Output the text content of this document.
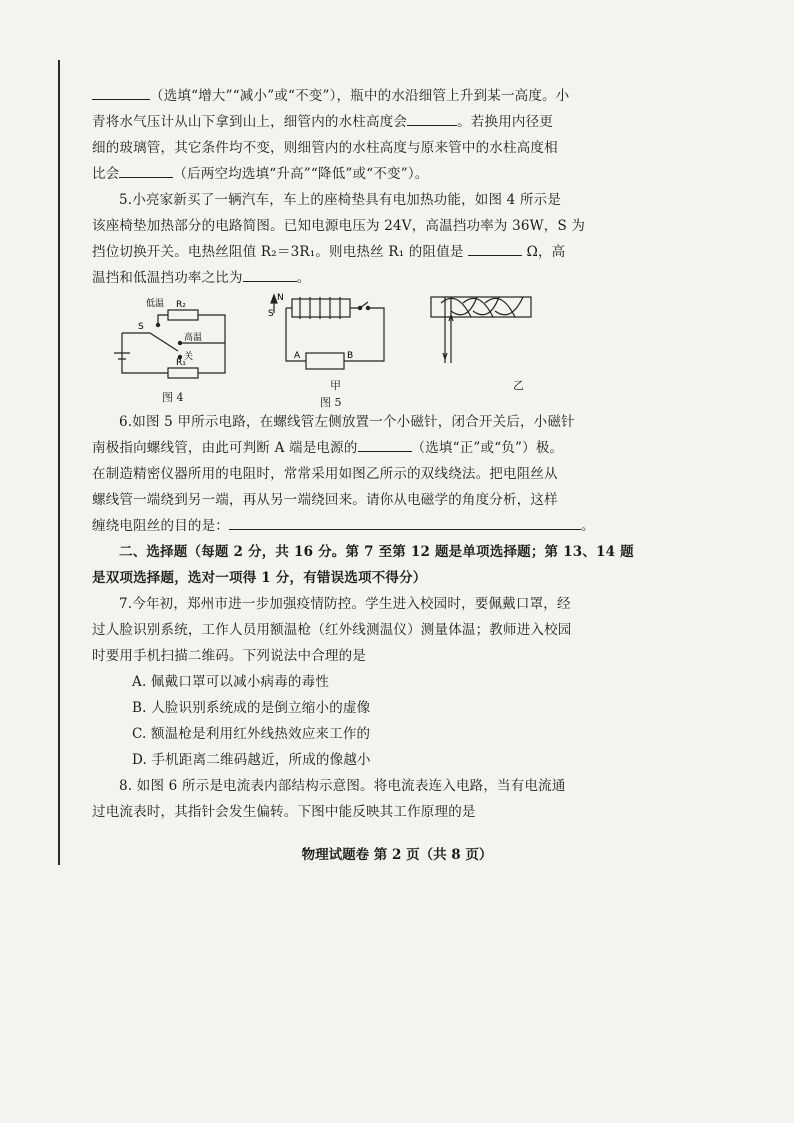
（选填“增大”“减小”或“不变”），瓶中的水沿细管上升到某一高度。小
青将水气压计从山下拿到山上，细管内的水柱高度会	。若换用内径更
细的玻璃管，其它条件均不变，则细管内的水柱高度与原来管中的水柱高度相
比会	（后两空均选填“升高”“降低”或“不变”）。
5.小亮家新买了一辆汽车，车上的座椅垫具有电加热功能，如图 4 所示是
该座椅垫加热部分的电路简图。已知电源电压为 24V，高温挡功率为 36W，S 为
挡位切换开关。电热丝阻值 R₂＝3R₁。则电热丝 R₁ 的阻值是	Ω，高
温挡和低温挡功率之比为	。
低温 R₂
S
高温
关
R₁
图 4
N
S
A	B
甲
图 5
乙
6.如图 5 甲所示电路，在螺线管左侧放置一个小磁针，闭合开关后，小磁针
南极指向螺线管，由此可判断 A 端是电源的	（选填“正”或“负”）极。
在制造精密仪器所用的电阻时，常常采用如图乙所示的双线绕法。把电阻丝从
螺线管一端绕到另一端，再从另一端绕回来。请你从电磁学的角度分析，这样
缠绕电阻丝的目的是：	。
二、选择题（每题 2 分，共 16 分。第 7 至第 12 题是单项选择题；第 13、14 题
是双项选择题，选对一项得 1 分，有错误选项不得分）
7.今年初，郑州市进一步加强疫情防控。学生进入校园时，要佩戴口罩，经
过人脸识别系统，工作人员用额温枪（红外线测温仪）测量体温；教师进入校园
时要用手机扫描二维码。下列说法中合理的是
A. 佩戴口罩可以减小病毒的毒性
B. 人脸识别系统成的是倒立缩小的虚像
C. 额温枪是利用红外线热效应来工作的
D. 手机距离二维码越近，所成的像越小
8. 如图 6 所示是电流表内部结构示意图。将电流表连入电路，当有电流通
过电流表时，其指针会发生偏转。下图中能反映其工作原理的是
物理试题卷 第 2 页（共 8 页）
